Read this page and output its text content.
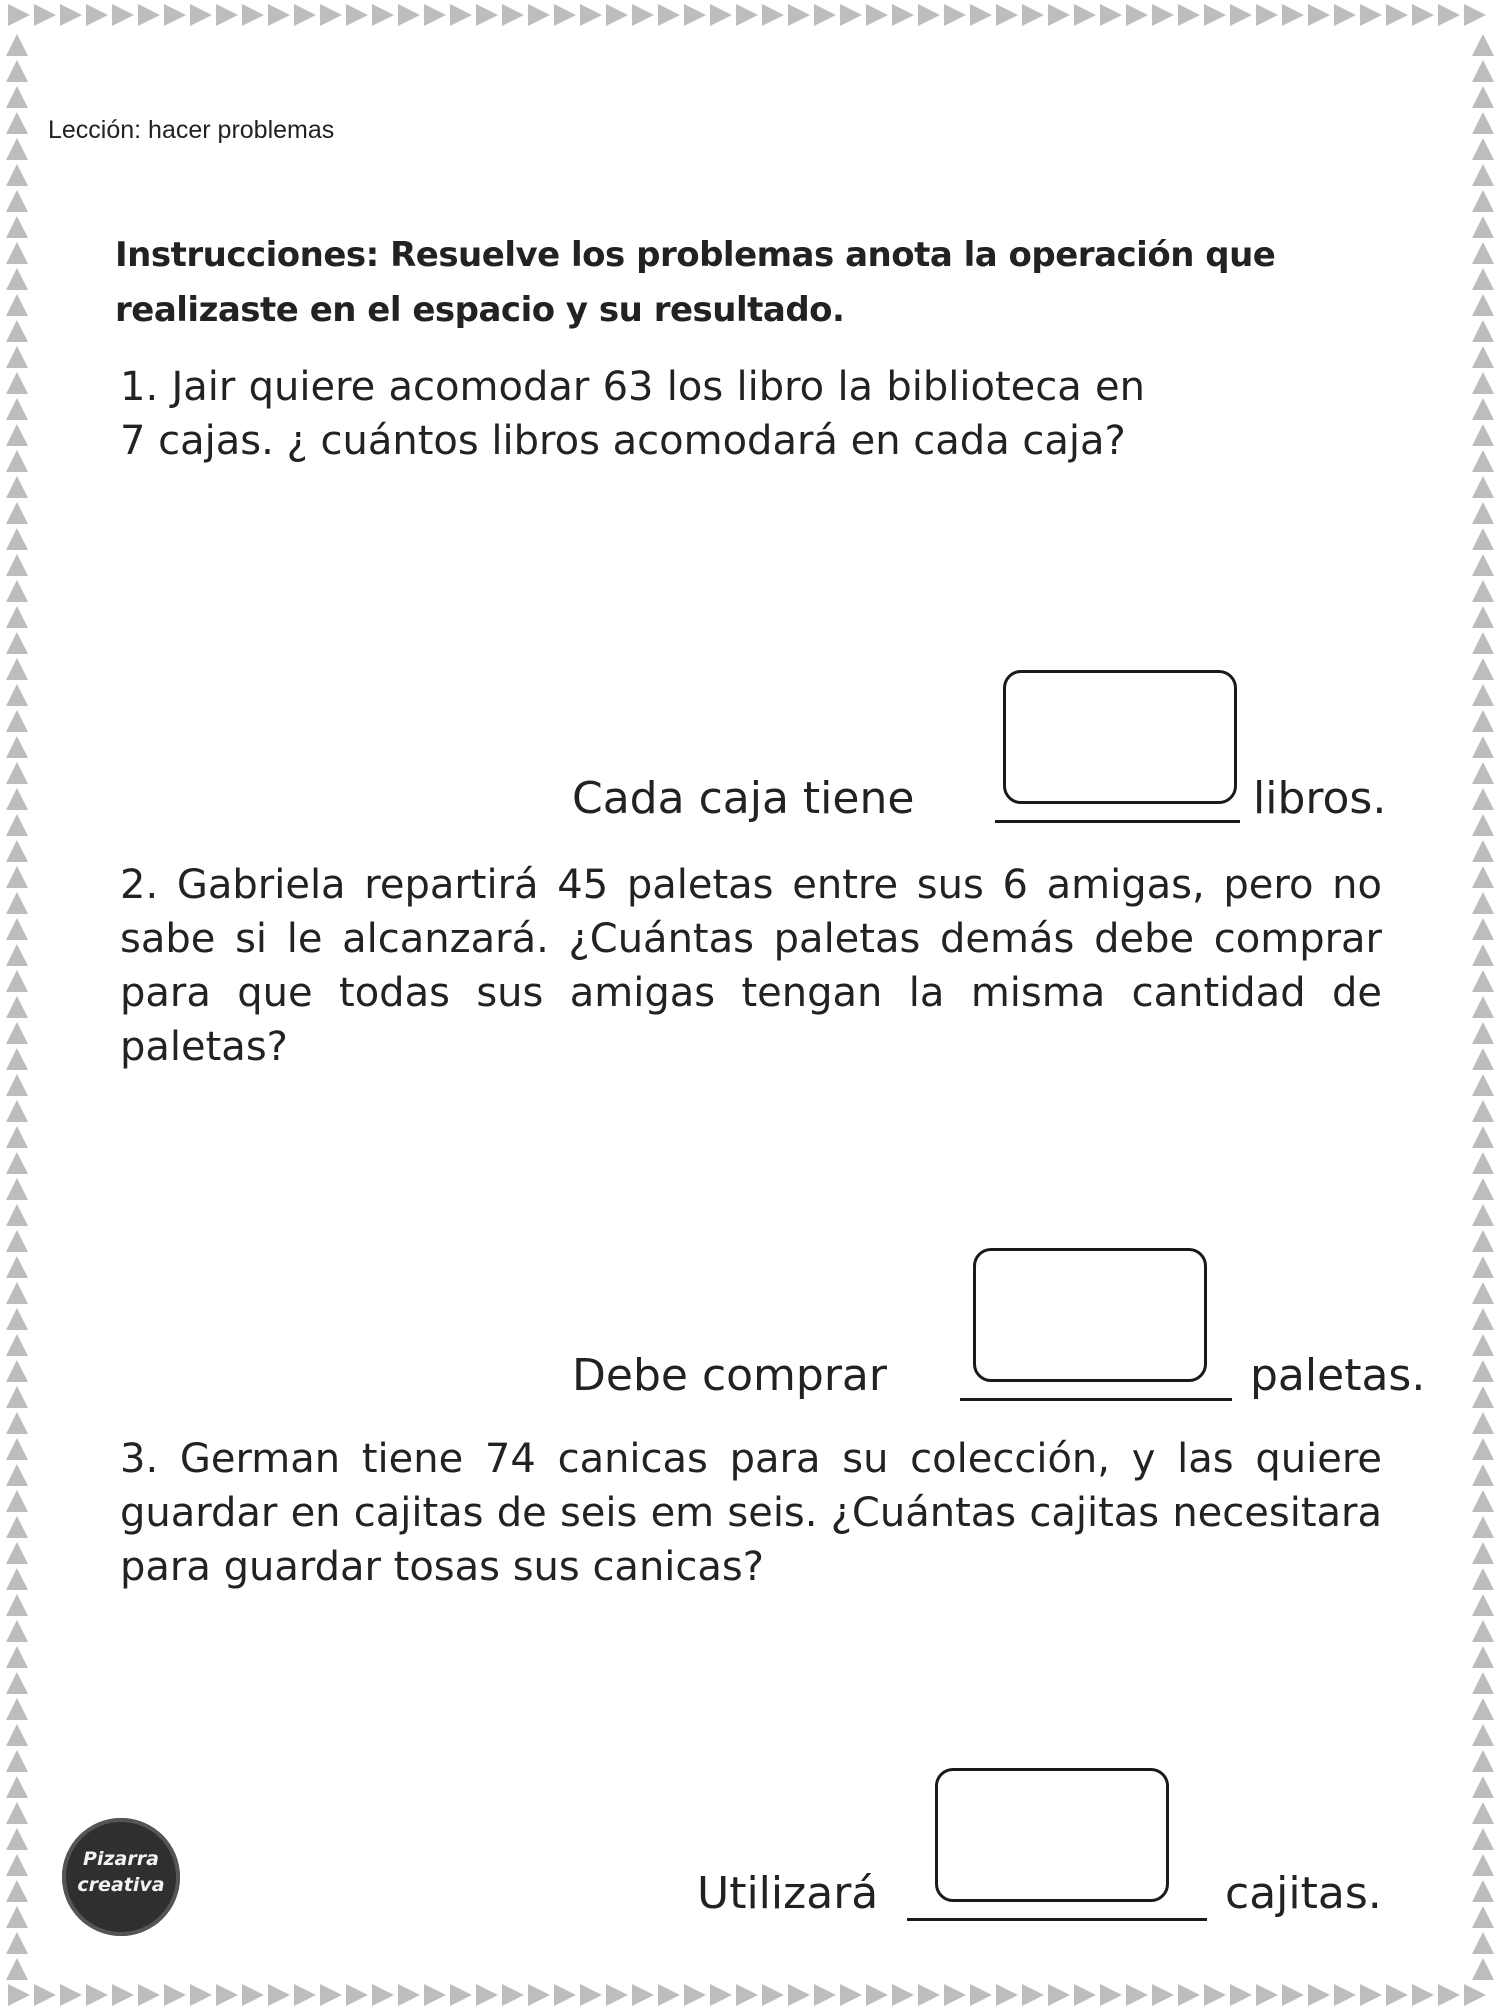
Lección: hacer problemas
Instrucciones: Resuelve los problemas anota la operación que realizaste en el espacio y su resultado.
1. Jair quiere acomodar 63 los libro la biblioteca en 7 cajas. ¿ cuántos libros acomodará en cada caja?
Cada caja tiene	libros.
2. Gabriela repartirá 45 paletas entre sus 6 amigas, pero no sabe si le alcanzará. ¿Cuántas paletas demás debe comprar para que todas sus amigas tengan la misma cantidad de paletas?
Debe comprar	paletas.
3. German tiene 74 canicas para su colección, y las quiere guardar en cajitas de seis em seis. ¿Cuántas cajitas necesitara para guardar tosas sus canicas?
Utilizará	cajitas.
Pizarra
creativa
